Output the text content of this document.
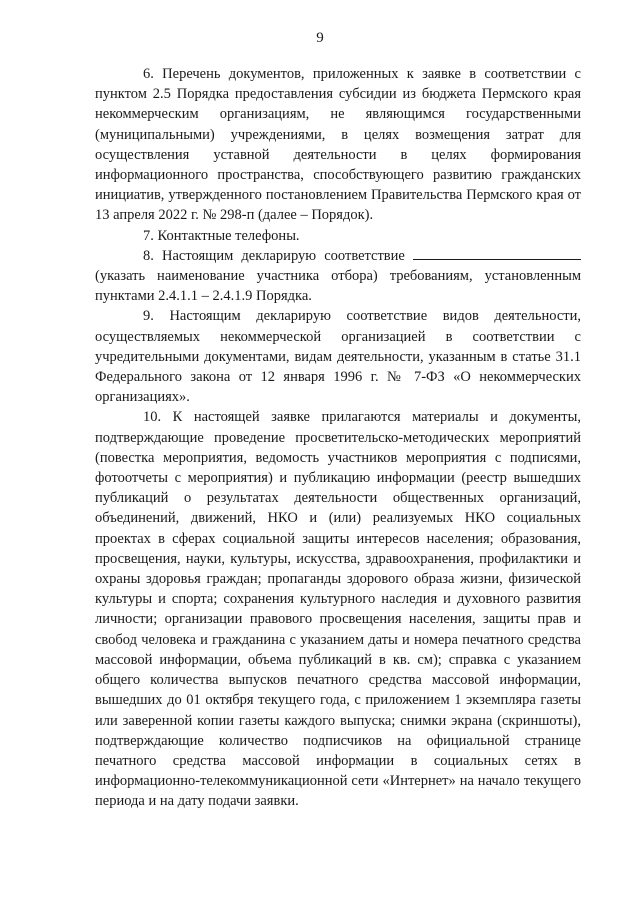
9

6. Перечень документов, приложенных к заявке в соответствии с пунктом 2.5 Порядка предоставления субсидии из бюджета Пермского края некоммерческим организациям, не являющимся государственными (муниципальными) учреждениями, в целях возмещения затрат для осуществления уставной деятельности в целях формирования информационного пространства, способствующего развитию гражданских инициатив, утвержденного постановлением Правительства Пермского края от 13 апреля 2022 г. № 298-п (далее – Порядок).

7. Контактные телефоны.

8. Настоящим декларирую соответствие  (указать наименование участника отбора) требованиям, установленным пунктами 2.4.1.1 – 2.4.1.9 Порядка.

9. Настоящим декларирую соответствие видов деятельности, осуществляемых некоммерческой организацией в соответствии с учредительными документами, видам деятельности, указанным в статье 31.1 Федерального закона от 12 января 1996 г. № 7-ФЗ «О некоммерческих организациях».

10. К настоящей заявке прилагаются материалы и документы, подтверждающие проведение просветительско-методических мероприятий (повестка мероприятия, ведомость участников мероприятия с подписями, фотоотчеты с мероприятия) и публикацию информации (реестр вышедших публикаций о результатах деятельности общественных организаций, объединений, движений, НКО и (или) реализуемых НКО социальных проектах в сферах социальной защиты интересов населения; образования, просвещения, науки, культуры, искусства, здравоохранения, профилактики и охраны здоровья граждан; пропаганды здорового образа жизни, физической культуры и спорта; сохранения культурного наследия и духовного развития личности; организации правового просвещения населения, защиты прав и свобод человека и гражданина с указанием даты и номера печатного средства массовой информации, объема публикаций в кв. см); справка с указанием общего количества выпусков печатного средства массовой информации, вышедших до 01 октября текущего года, с приложением 1 экземпляра газеты или заверенной копии газеты каждого выпуска; снимки экрана (скриншоты), подтверждающие количество подписчиков на официальной странице печатного средства массовой информации в социальных сетях в информационно-телекоммуникационной сети «Интернет» на начало текущего периода и на дату подачи заявки.
